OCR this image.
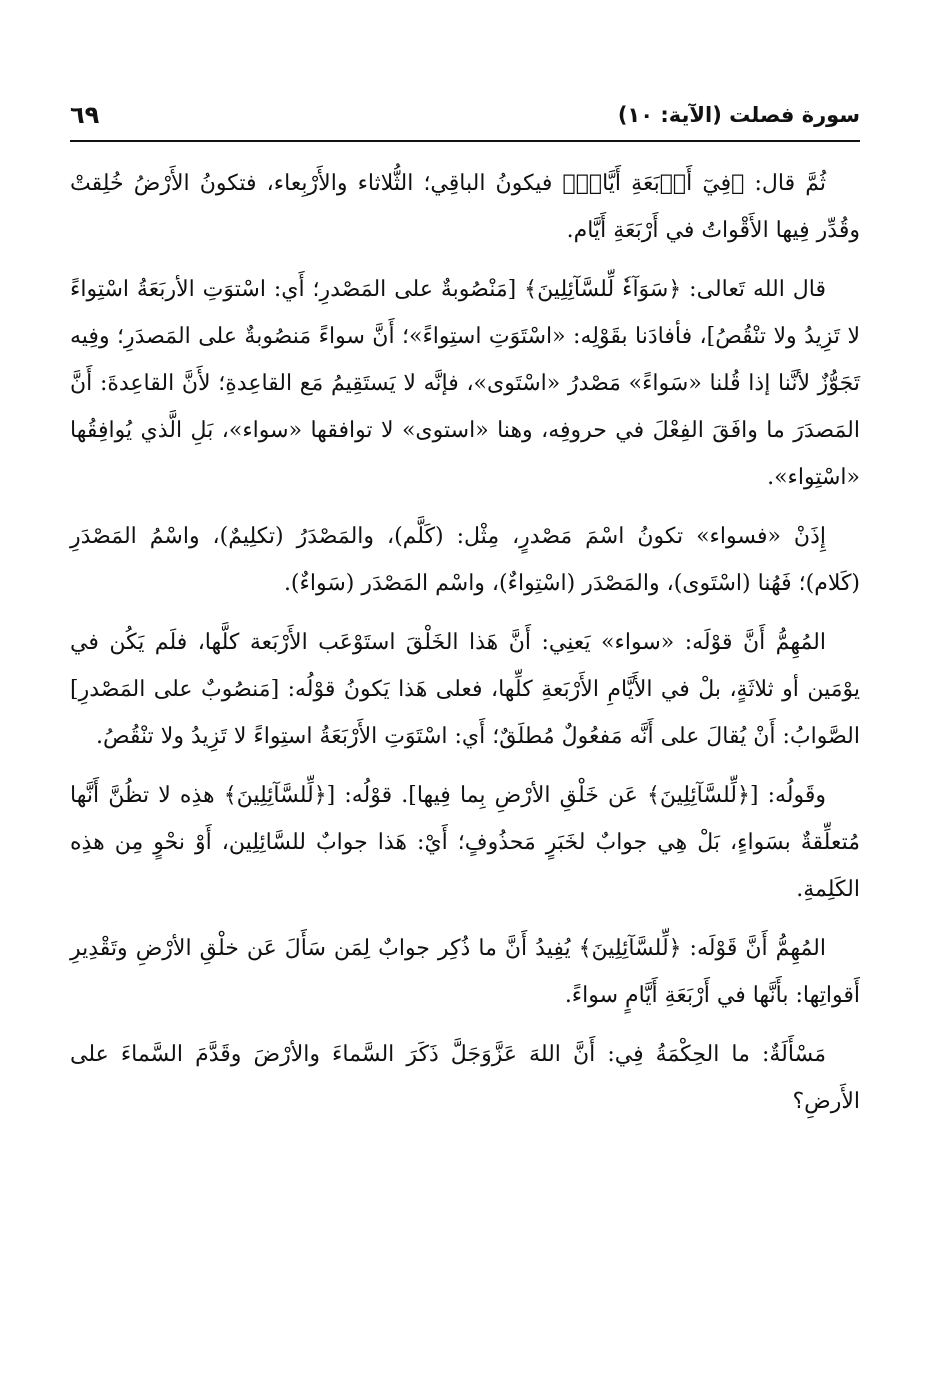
سورة فصلت (الآية: ١٠)
٦٩

ثُمَّ قال: ﴿فِيٓ أَرۡبَعَةِ أَيَّامٖ﴾ فيكونُ الباقِي؛ الثُّلاثاء والأَرْبِعاء، فتكونُ الأَرْضُ خُلِقتْ وقُدِّر فِيها الأَقْواتُ في أَرْبَعَةِ أَيَّام.

قال الله تَعالى: ﴿سَوَآءٗ لِّلسَّآئِلِينَ﴾ [مَنْصُوبةٌ على المَصْدرِ؛ أَي: اسْتوَتِ الأربَعَةُ اسْتِواءً لا تَزِيدُ ولا تنْقُصُ]، فأفادَنا بقَوْلِه: «اسْتَوَتِ استِواءً»؛ أَنَّ سواءً مَنصُوبةٌ على المَصدَرِ؛ وفِيه تَجَوُّزٌ لأنَّنا إذا قُلنا «سَواءً» مَصْدرُ «اسْتَوى»، فإنَّه لا يَستَقِيمُ مَع القاعِدةِ؛ لأَنَّ القاعِدةَ: أَنَّ المَصدَرَ ما وافَقَ الفِعْلَ في حروفِه، وهنا «استوى» لا توافقها «سواء»، بَلِ الَّذي يُوافِقُها «اسْتِواء».

إِذَنْ «فسواء» تكونُ اسْمَ مَصْدرٍ، مِثْل: (كَلَّم)، والمَصْدَرُ (تكلِيمٌ)، واسْمُ المَصْدَرِ (كَلام)؛ فَهُنا (اسْتَوى)، والمَصْدَر (اسْتِواءٌ)، واسْم المَصْدَر (سَواءٌ).

المُهِمُّ أَنَّ قوْلَه: «سواء» يَعنِي: أَنَّ هَذا الخَلْقَ استَوْعَب الأَرْبَعة كلَّها، فلَم يَكُن في يوْمَين أو ثلاثَةٍ، بلْ في الأَيَّامِ الأَرْبَعةِ كلِّها، فعلى هَذا يَكونُ قوْلُه: [مَنصُوبٌ على المَصْدرِ] الصَّوابُ: أَنْ يُقالَ على أَنَّه مَفعُولٌ مُطلَقٌ؛ أَي: اسْتَوَتِ الأَرْبَعَةُ استِواءً لا تَزِيدُ ولا تنْقُصُ.

وقَولُه: [﴿لِّلسَّآئِلِينَ﴾ عَن خَلْقِ الأرْضِ بِما فِيها]. قوْلُه: [﴿لِّلسَّآئِلِينَ﴾ هذِه لا تظُنَّ أَنَّها مُتعلِّقةٌ بسَواءٍ، بَلْ هِي جوابٌ لخَبَرٍ مَحذُوفٍ؛ أَيْ: هَذا جوابٌ للسَّائِلِين، أَوْ نحْوٍ مِن هذِه الكَلِمةِ.

المُهِمُّ أَنَّ قَوْلَه: ﴿لِّلسَّآئِلِينَ﴾ يُفِيدُ أَنَّ ما ذُكِر جوابٌ لِمَن سَأَلَ عَن خلْقِ الأرْضِ وتَقْدِيرِ أَقواتِها: بأَنَّها في أَرْبَعَةِ أَيَّامٍ سواءً.

مَسْأَلَةٌ: ما الحِكْمَةُ فِي: أَنَّ اللهَ عَزَّوَجَلَّ ذَكَرَ السَّماءَ والأرْضَ وقَدَّمَ السَّماءَ على الأَرضِ؟
